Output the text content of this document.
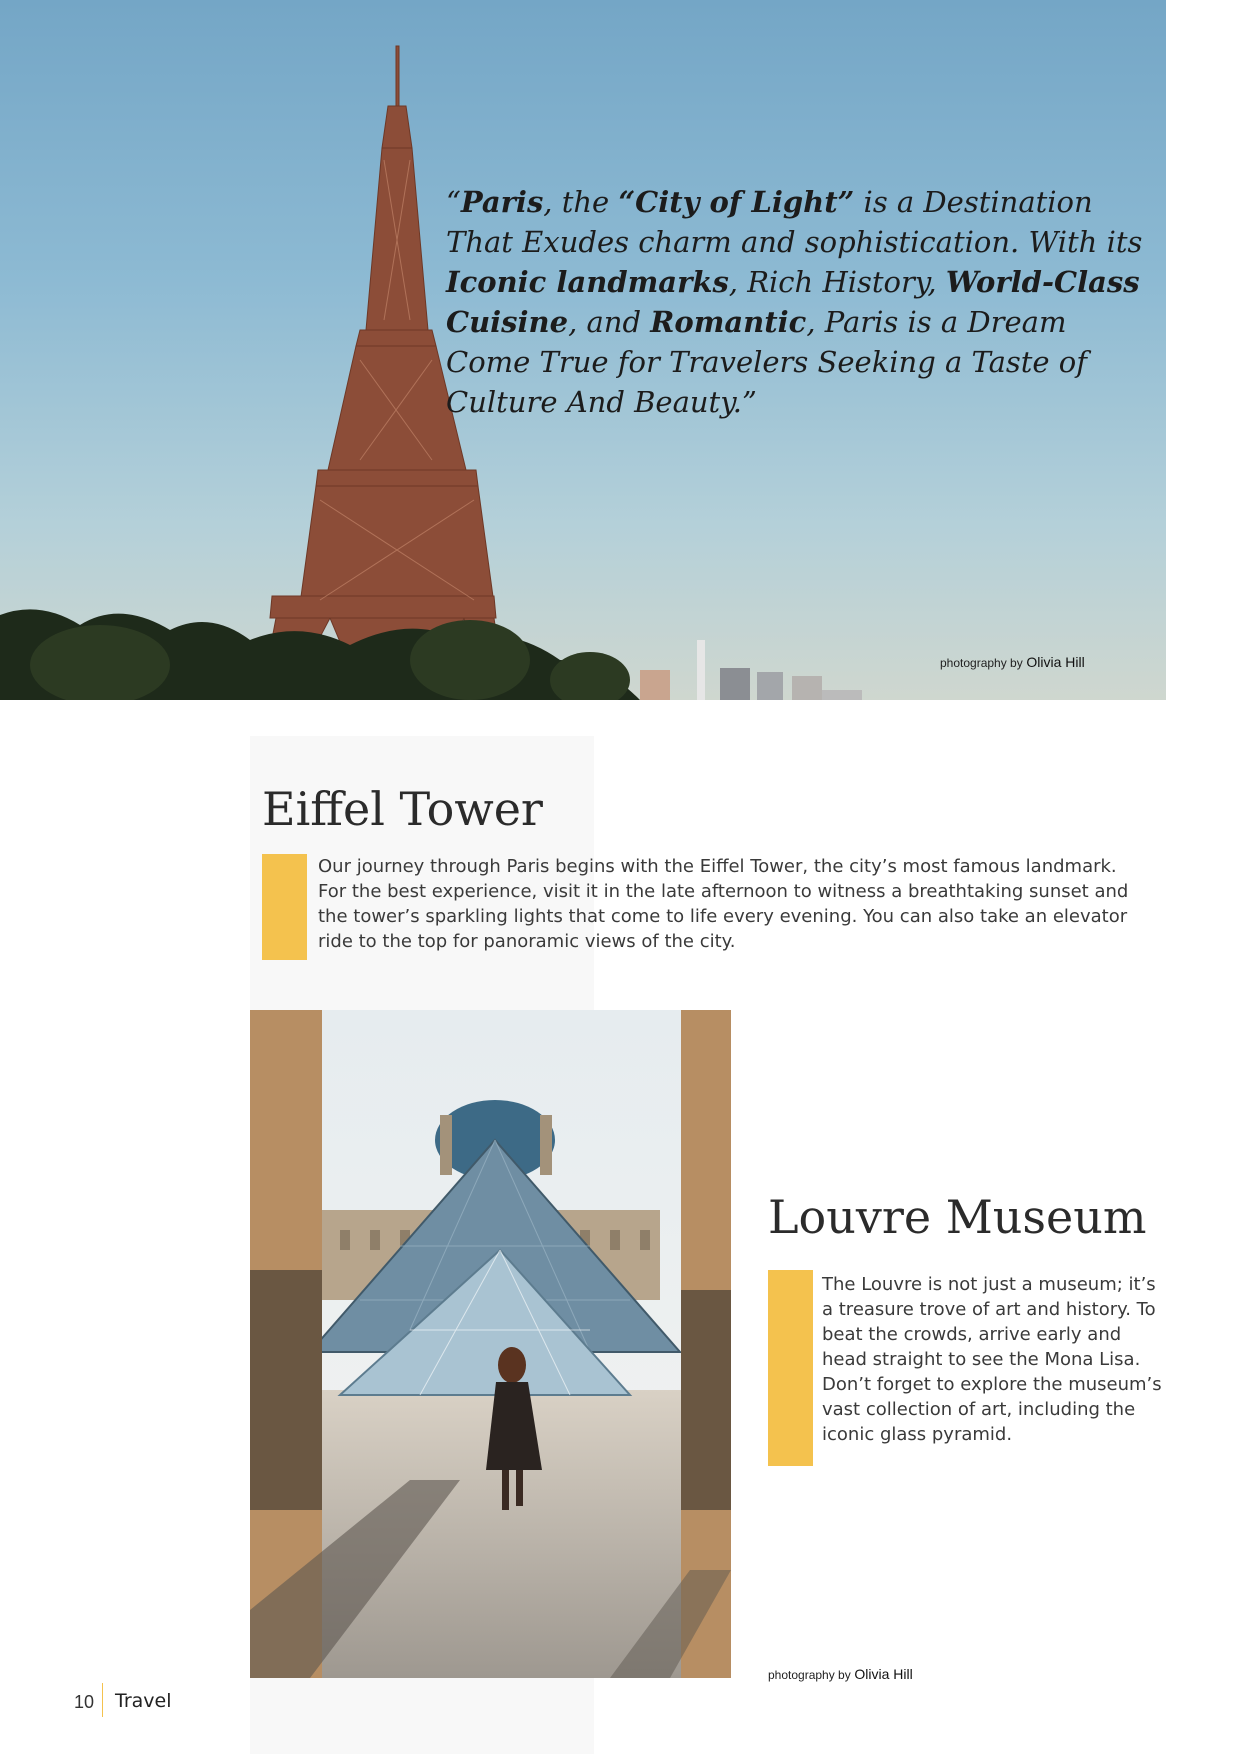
“Paris, the “City of Light” is a Destination That Exudes charm and sophistication. With its Iconic landmarks, Rich History, World-Class Cuisine, and Romantic, Paris is a Dream Come True for Travelers Seeking a Taste of Culture And Beauty.”
photography by Olivia Hill
Eiffel Tower
Our journey through Paris begins with the Eiffel Tower, the city’s most famous landmark. For the best experience, visit it in the late afternoon to witness a breathtaking sunset and the tower’s sparkling lights that come to life every evening. You can also take an elevator ride to the top for panoramic views of the city.
Louvre Museum
The Louvre is not just a museum; it’s a treasure trove of art and history. To beat the crowds, arrive early and head straight to see the Mona Lisa. Don’t forget to explore the museum’s vast collection of art, including the iconic glass pyramid.
photography by Olivia Hill
10 Travel
